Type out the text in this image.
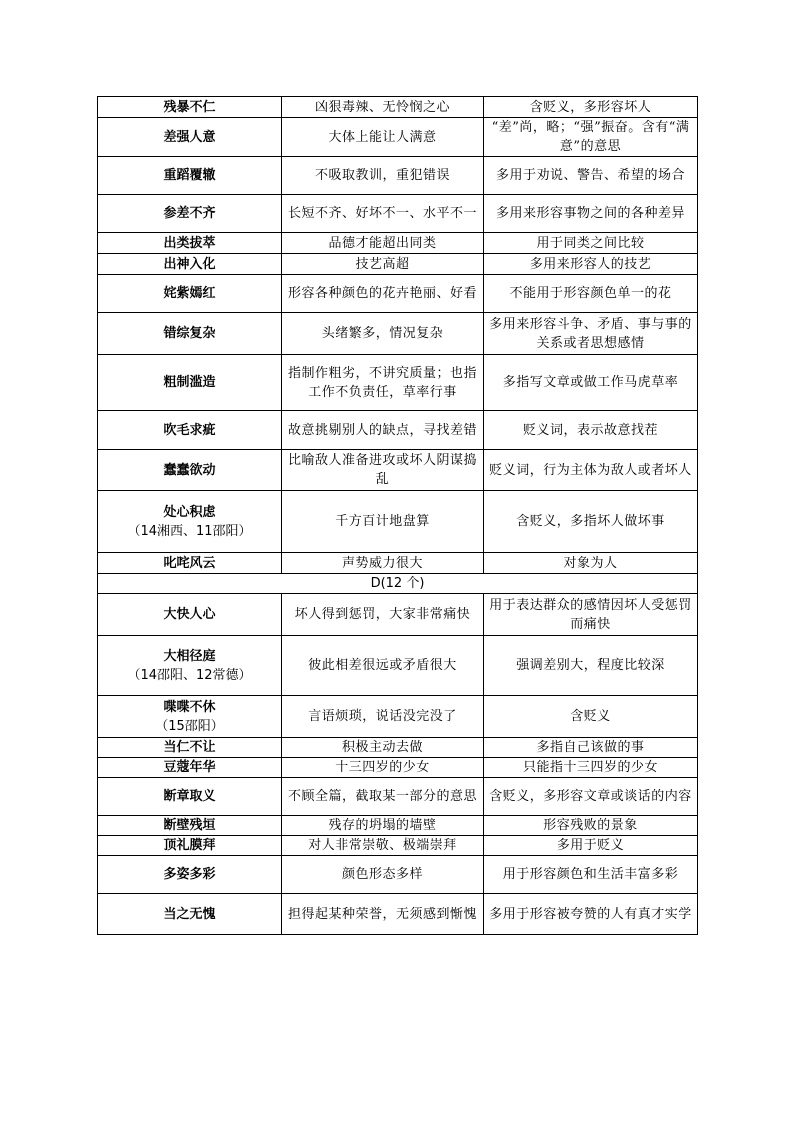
残暴不仁	凶狠毒辣、无怜悯之心	含贬义，多形容坏人
差强人意	大体上能让人满意	“差”尚，略；“强”振奋。含有“满意”的意思
重蹈覆辙	不吸取教训，重犯错误	多用于劝说、警告、希望的场合
参差不齐	长短不齐、好坏不一、水平不一	多用来形容事物之间的各种差异
出类拔萃	品德才能超出同类	用于同类之间比较
出神入化	技艺高超	多用来形容人的技艺
姹紫嫣红	形容各种颜色的花卉艳丽、好看	不能用于形容颜色单一的花
错综复杂	头绪繁多，情况复杂	多用来形容斗争、矛盾、事与事的关系或者思想感情
粗制滥造	指制作粗劣，不讲究质量；也指工作不负责任，草率行事	多指写文章或做工作马虎草率
吹毛求疵	故意挑剔别人的缺点，寻找差错	贬义词，表示故意找茬
蠢蠢欲动	比喻敌人准备进攻或坏人阴谋捣乱	贬义词，行为主体为敌人或者坏人
处心积虑
（14湘西、11邵阳）	千方百计地盘算	含贬义，多指坏人做坏事
叱咤风云	声势威力很大	对象为人
D(12 个)		
大快人心	坏人得到惩罚，大家非常痛快	用于表达群众的感情因坏人受惩罚而痛快
大相径庭
（14邵阳、12常德）	彼此相差很远或矛盾很大	强调差别大，程度比较深
喋喋不休
（15邵阳）	言语烦琐，说话没完没了	含贬义
当仁不让	积极主动去做	多指自己该做的事
豆蔻年华	十三四岁的少女	只能指十三四岁的少女
断章取义	不顾全篇，截取某一部分的意思	含贬义，多形容文章或谈话的内容
断壁残垣	残存的坍塌的墙壁	形容残败的景象
顶礼膜拜	对人非常崇敬、极端崇拜	多用于贬义
多姿多彩	颜色形态多样	用于形容颜色和生活丰富多彩
当之无愧	担得起某种荣誉，无须感到惭愧	多用于形容被夸赞的人有真才实学
